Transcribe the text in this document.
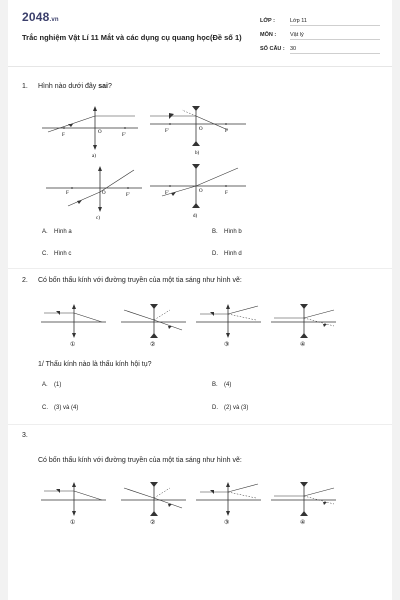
2048.vn
Trắc nghiệm Vật Lí 11 Mắt và các dụng cụ quang học(Đề số 1)
LỚP :	Lớp 11
MÔN :	Vật lý
SỐ CÂU : 30
1. Hình nào dưới đây sai?
F
O
F'
a)
F'	O	F
b)
F	O	F'
c)
F'	O	F
d)
A. Hình a	B. Hình b
C. Hình c	D. Hình d
2. Có bốn thấu kính với đường truyền của một tia sáng như hình vẽ:
①	②	③	④
1/ Thấu kính nào là thấu kính hội tụ?
A. (1)	B. (4)
C. (3) và (4)	D. (2) và (3)
3.
Có bốn thấu kính với đường truyền của một tia sáng như hình vẽ:
①	②	③	④
